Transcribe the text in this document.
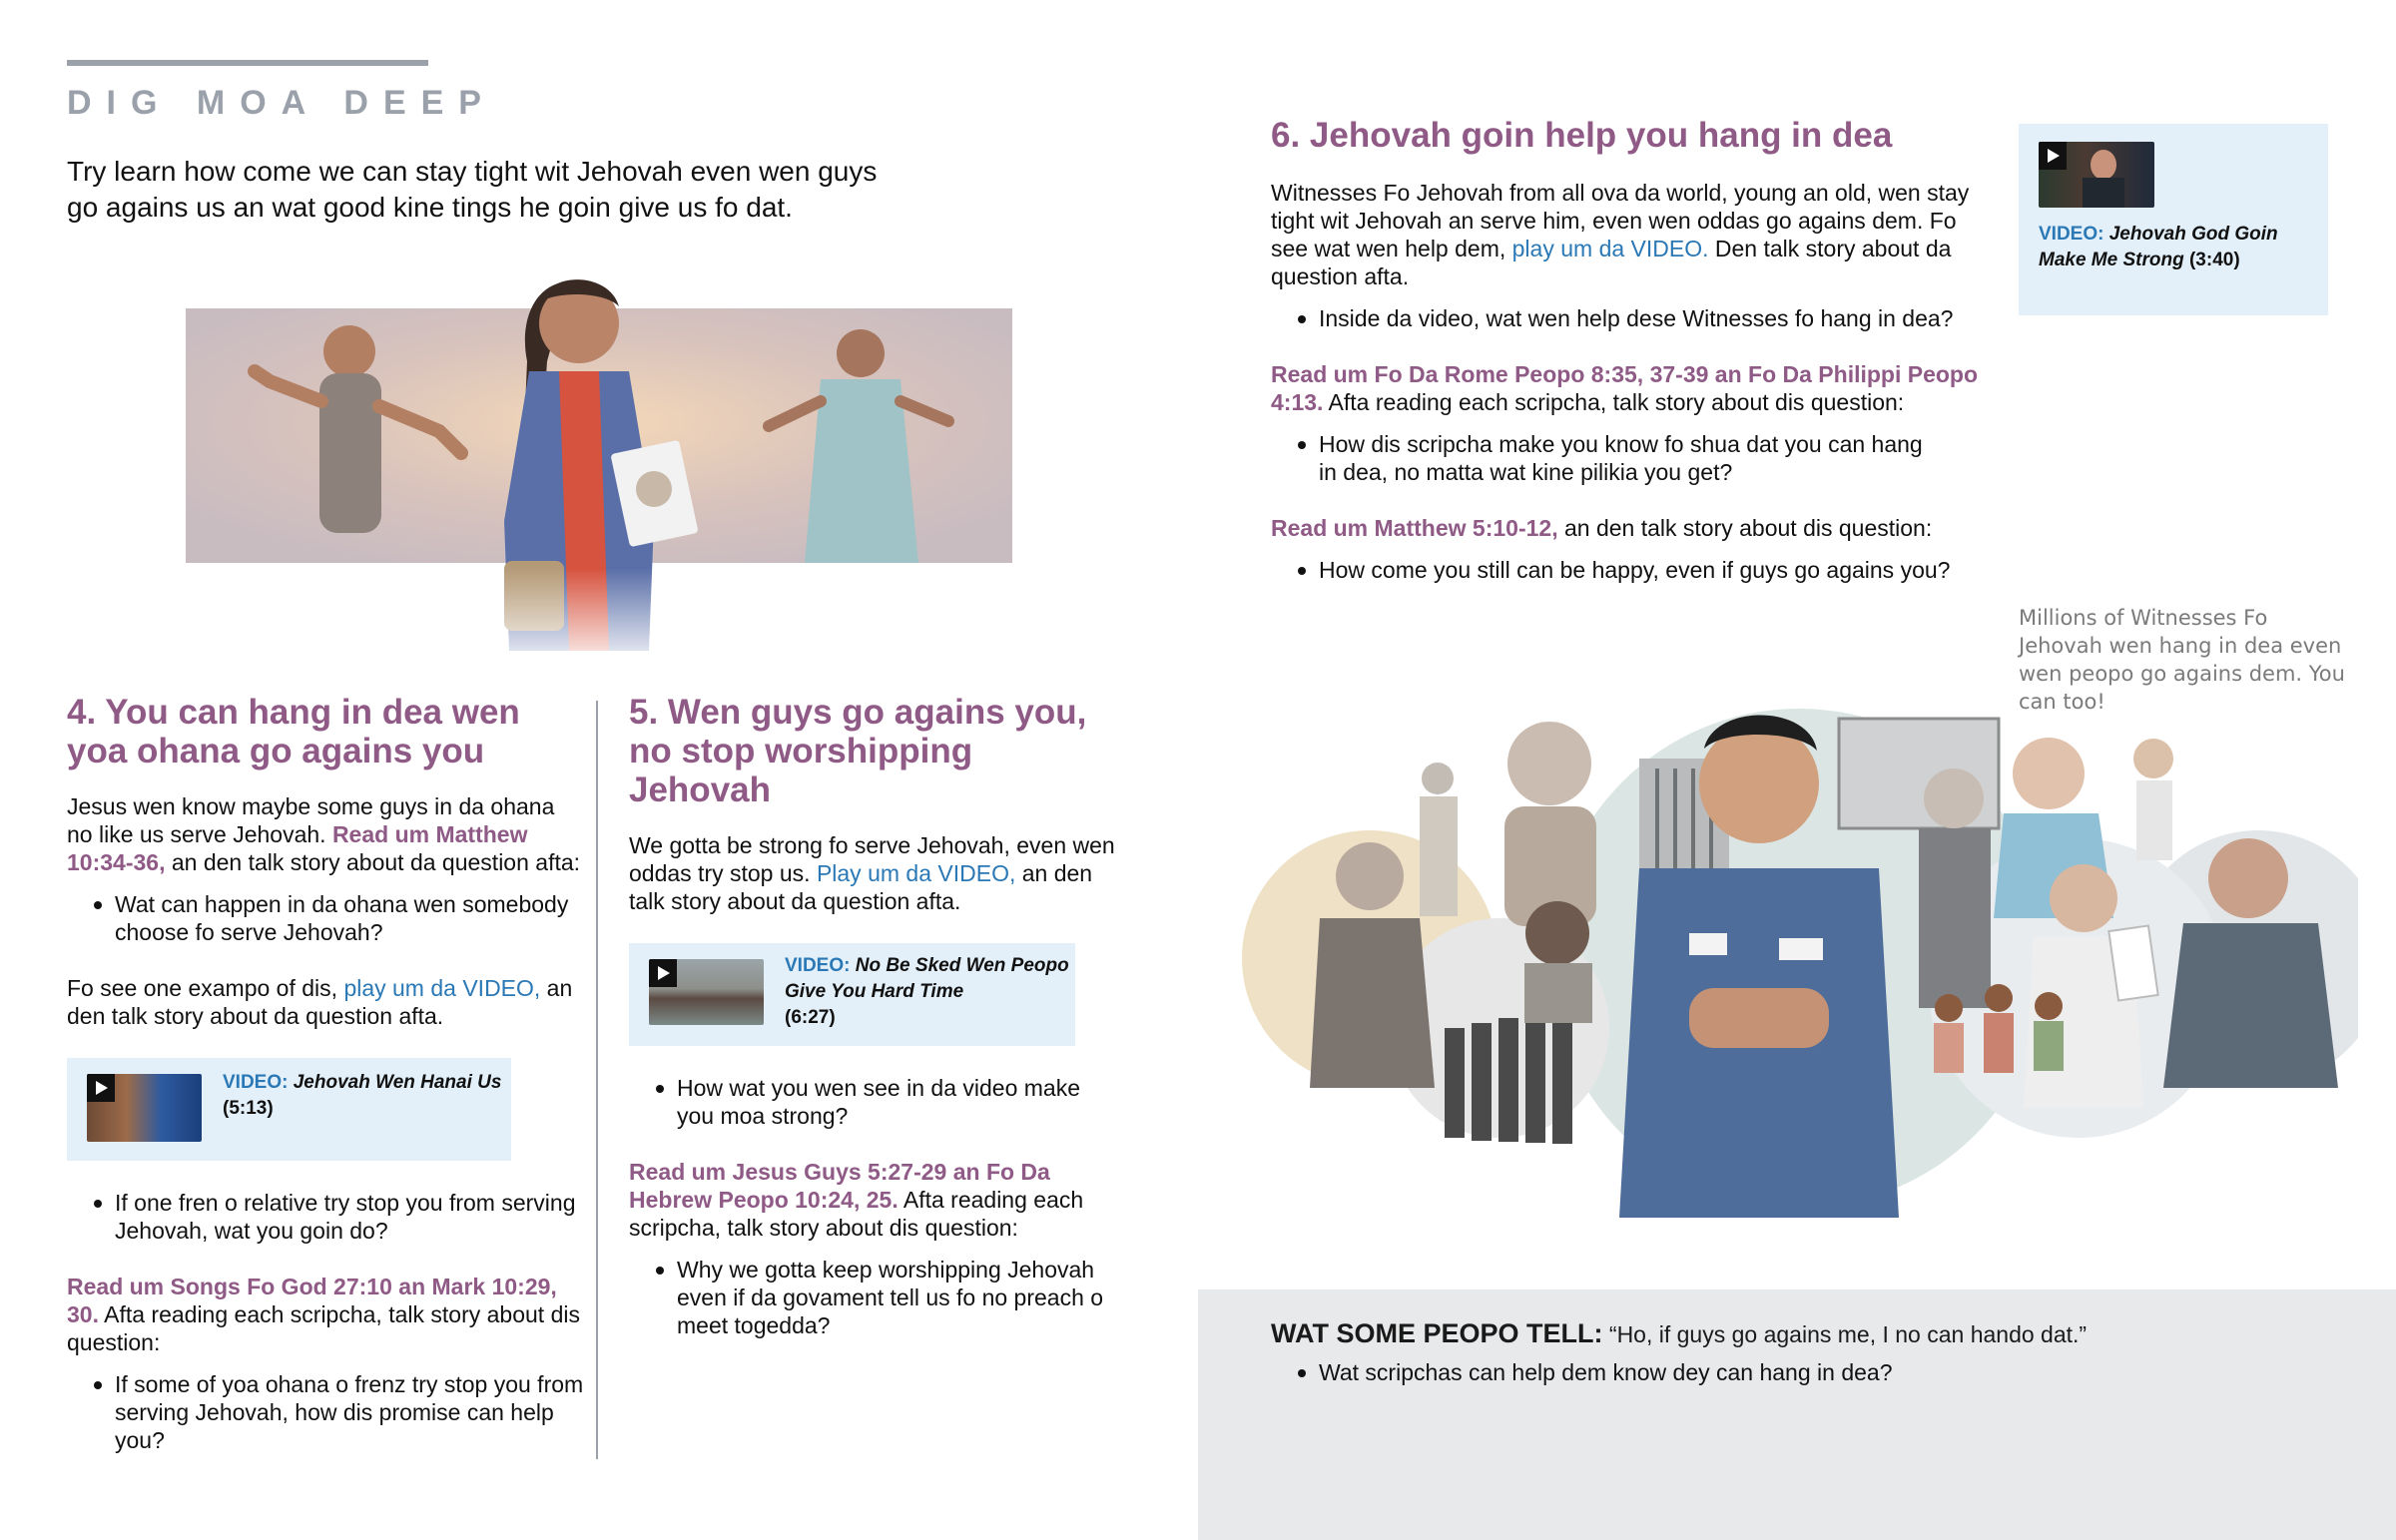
DIG MOA DEEP
Try learn how come we can stay tight wit Jehovah even wen guys go agains us an wat good kine tings he goin give us fo dat.
4. You can hang in dea wen yoa ohana go agains you
Jesus wen know maybe some guys in da ohana no like us serve Jehovah. Read um Matthew 10:34-36, an den talk story about da question afta:
Wat can happen in da ohana wen somebody choose fo serve Jehovah?
Fo see one exampo of dis, play um da VIDEO, an den talk story about da question afta.
VIDEO: Jehovah Wen Hanai Us
(5:13)
If one fren o relative try stop you from serving Jehovah, wat you goin do?
Read um Songs Fo God 27:10 an Mark 10:29, 30. Afta reading each scripcha, talk story about dis question:
If some of yoa ohana o frenz try stop you from serving Jehovah, how dis promise can help you?
5. Wen guys go agains you, no stop worshipping Jehovah
We gotta be strong fo serve Jehovah, even wen oddas try stop us. Play um da VIDEO, an den talk story about da question afta.
VIDEO: No Be Sked Wen Peopo Give You Hard Time
(6:27)
How wat you wen see in da video make you moa strong?
Read um Jesus Guys 5:27-29 an Fo Da Hebrew Peopo 10:24, 25. Afta reading each scripcha, talk story about dis question:
Why we gotta keep worshipping Jehovah even if da govament tell us fo no preach o meet togedda?
6. Jehovah goin help you hang in dea
Witnesses Fo Jehovah from all ova da world, young an old, wen stay tight wit Jehovah an serve him, even wen oddas go agains dem. Fo see wat wen help dem, play um da VIDEO. Den talk story about da question afta.
Inside da video, wat wen help dese Witnesses fo hang in dea?
Read um Fo Da Rome Peopo 8:35, 37-39 an Fo Da Philippi Peopo 4:13. Afta reading each scripcha, talk story about dis question:
How dis scripcha make you know fo shua dat you can hang in dea, no matta wat kine pilikia you get?
Read um Matthew 5:10-12, an den talk story about dis question:
How come you still can be happy, even if guys go agains you?
VIDEO: Jehovah God Goin Make Me Strong (3:40)
Millions of Witnesses Fo Jehovah wen hang in dea even wen peopo go agains dem. You can too!
WAT SOME PEOPO TELL: “Ho, if guys go agains me, I no can hando dat.”
Wat scripchas can help dem know dey can hang in dea?
